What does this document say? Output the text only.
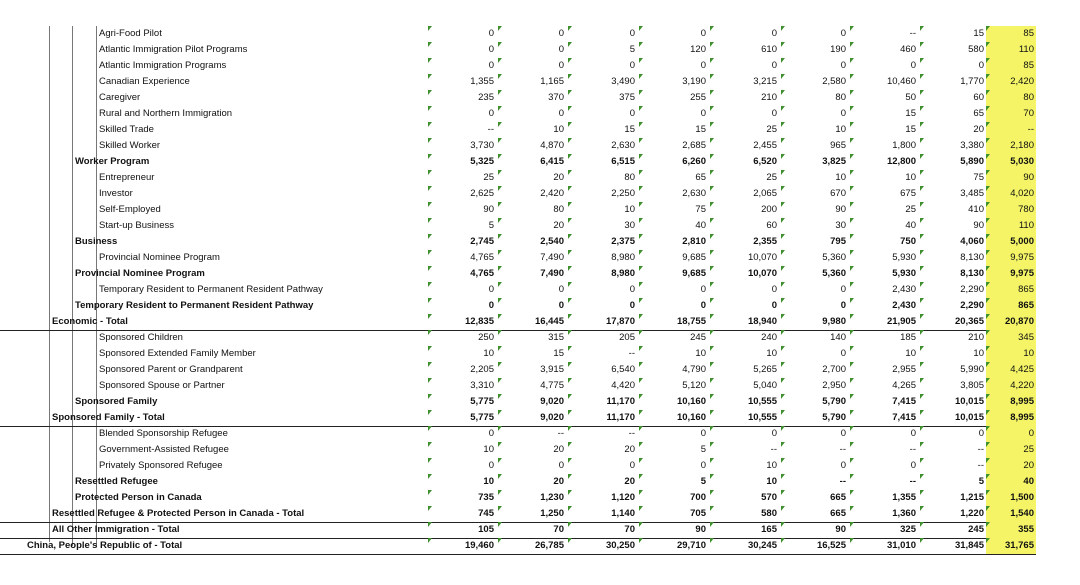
Agri-Food Pilot	0	0	0	0	0	0	--	15	85
Atlantic Immigration Pilot Programs	0	0	5	120	610	190	460	580	110
Atlantic Immigration Programs	0	0	0	0	0	0	0	0	85
Canadian Experience	1,355	1,165	3,490	3,190	3,215	2,580	10,460	1,770	2,420
Caregiver	235	370	375	255	210	80	50	60	80
Rural and Northern Immigration	0	0	0	0	0	0	15	65	70
Skilled Trade	--	10	15	15	25	10	15	20	--
Skilled Worker	3,730	4,870	2,630	2,685	2,455	965	1,800	3,380	2,180
Worker Program	5,325	6,415	6,515	6,260	6,520	3,825	12,800	5,890	5,030
Entrepreneur	25	20	80	65	25	10	10	75	90
Investor	2,625	2,420	2,250	2,630	2,065	670	675	3,485	4,020
Self-Employed	90	80	10	75	200	90	25	410	780
Start-up Business	5	20	30	40	60	30	40	90	110
Business	2,745	2,540	2,375	2,810	2,355	795	750	4,060	5,000
Provincial Nominee Program	4,765	7,490	8,980	9,685	10,070	5,360	5,930	8,130	9,975
Provincial Nominee Program	4,765	7,490	8,980	9,685	10,070	5,360	5,930	8,130	9,975
Temporary Resident to Permanent Resident Pathway	0	0	0	0	0	0	2,430	2,290	865
Temporary Resident to Permanent Resident Pathway	0	0	0	0	0	0	2,430	2,290	865
Economic - Total	12,835	16,445	17,870	18,755	18,940	9,980	21,905	20,365	20,870
Sponsored Children	250	315	205	245	240	140	185	210	345
Sponsored Extended Family Member	10	15	--	10	10	0	10	10	10
Sponsored Parent or Grandparent	2,205	3,915	6,540	4,790	5,265	2,700	2,955	5,990	4,425
Sponsored Spouse or Partner	3,310	4,775	4,420	5,120	5,040	2,950	4,265	3,805	4,220
Sponsored Family	5,775	9,020	11,170	10,160	10,555	5,790	7,415	10,015	8,995
Sponsored Family - Total	5,775	9,020	11,170	10,160	10,555	5,790	7,415	10,015	8,995
Blended Sponsorship Refugee	0	--	--	0	0	0	0	0	0
Government-Assisted Refugee	10	20	20	5	--	--	--	--	25
Privately Sponsored Refugee	0	0	0	0	10	0	0	--	20
Resettled Refugee	10	20	20	5	10	--	--	5	40
Protected Person in Canada	735	1,230	1,120	700	570	665	1,355	1,215	1,500
Resettled Refugee & Protected Person in Canada - Total	745	1,250	1,140	705	580	665	1,360	1,220	1,540
All Other Immigration - Total	105	70	70	90	165	90	325	245	355
China, People's Republic of - Total	19,460	26,785	30,250	29,710	30,245	16,525	31,010	31,845	31,765
